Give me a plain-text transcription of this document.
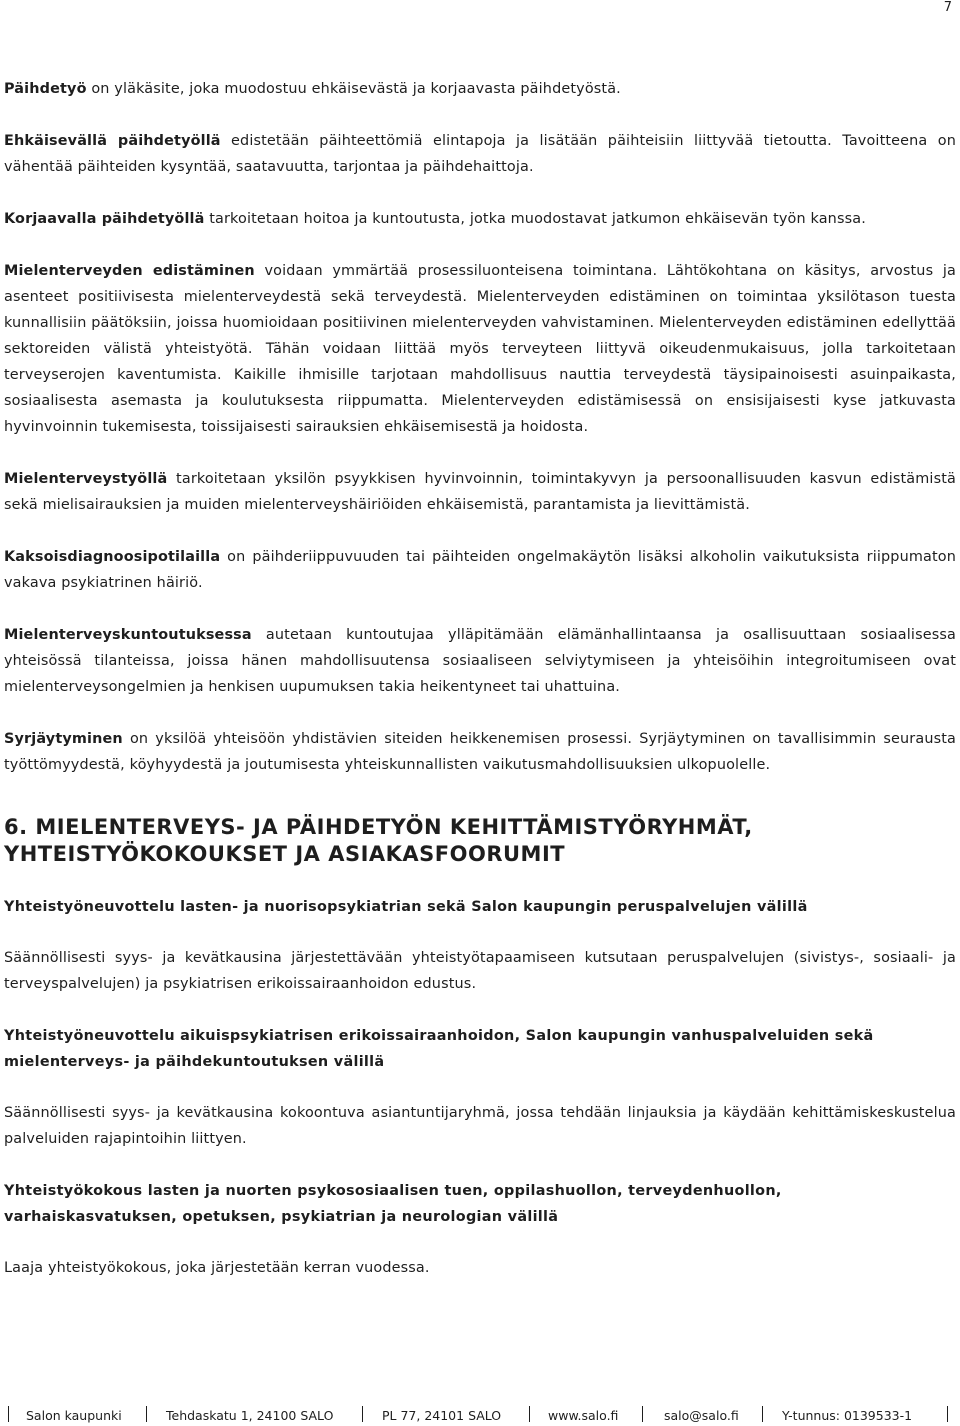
7

Päihdetyö on yläkäsite, joka muodostuu ehkäisevästä ja korjaavasta päihdetyöstä.

Ehkäisevällä päihdetyöllä edistetään päihteettömiä elintapoja ja lisätään päihteisiin liittyvää tietoutta. Tavoitteena on vähentää päihteiden kysyntää, saatavuutta, tarjontaa ja päihdehaittoja.

Korjaavalla päihdetyöllä tarkoitetaan hoitoa ja kuntoutusta, jotka muodostavat jatkumon ehkäisevän työn kanssa.

Mielenterveyden edistäminen voidaan ymmärtää prosessiluonteisena toimintana. Lähtökohtana on käsitys, arvostus ja asenteet positiivisesta mielenterveydestä sekä terveydestä. Mielenterveyden edistäminen on toimintaa yksilötason tuesta kunnallisiin päätöksiin, joissa huomioidaan positiivinen mielenterveyden vahvistaminen. Mielenterveyden edistäminen edellyttää sektoreiden välistä yhteistyötä. Tähän voidaan liittää myös terveyteen liittyvä oikeudenmukaisuus, jolla tarkoitetaan terveyserojen kaventumista. Kaikille ihmisille tarjotaan mahdollisuus nauttia terveydestä täysipainoisesti asuinpaikasta, sosiaalisesta asemasta ja koulutuksesta riippumatta. Mielenterveyden edistämisessä on ensisijaisesti kyse jatkuvasta hyvinvoinnin tukemisesta, toissijaisesti sairauksien ehkäisemisestä ja hoidosta.

Mielenterveystyöllä tarkoitetaan yksilön psyykkisen hyvinvoinnin, toimintakyvyn ja persoonallisuuden kasvun edistämistä sekä mielisairauksien ja muiden mielenterveyshäiriöiden ehkäisemistä, parantamista ja lievittämistä.

Kaksoisdiagnoosipotilailla on päihderiippuvuuden tai päihteiden ongelmakäytön lisäksi alkoholin vaikutuksista riippumaton vakava psykiatrinen häiriö.

Mielenterveyskuntoutuksessa autetaan kuntoutujaa ylläpitämään elämänhallintaansa ja osallisuuttaan sosiaalisessa yhteisössä tilanteissa, joissa hänen mahdollisuutensa sosiaaliseen selviytymiseen ja yhteisöihin integroitumiseen ovat mielenterveysongelmien ja henkisen uupumuksen takia heikentyneet tai uhattuina.

Syrjäytyminen on yksilöä yhteisöön yhdistävien siteiden heikkenemisen prosessi. Syrjäytyminen on tavallisimmin seurausta työttömyydestä, köyhyydestä ja joutumisesta yhteiskunnallisten vaikutusmahdollisuuksien ulkopuolelle.

6. MIELENTERVEYS- JA PÄIHDETYÖN KEHITTÄMISTYÖRYHMÄT,
YHTEISTYÖKOKOUKSET JA ASIAKASFOORUMIT
Yhteistyöneuvottelu lasten- ja nuorisopsykiatrian sekä Salon kaupungin peruspalvelujen välillä

Säännöllisesti syys- ja kevätkausina järjestettävään yhteistyötapaamiseen kutsutaan peruspalvelujen (sivistys-, sosiaali- ja terveyspalvelujen) ja psykiatrisen erikoissairaanhoidon edustus.

Yhteistyöneuvottelu aikuispsykiatrisen erikoissairaanhoidon, Salon kaupungin vanhuspalveluiden sekä mielenterveys- ja päihdekuntoutuksen välillä

Säännöllisesti syys- ja kevätkausina kokoontuva asiantuntijaryhmä, jossa tehdään linjauksia ja käydään kehittämiskeskustelua palveluiden rajapintoihin liittyen.

Yhteistyökokous lasten ja nuorten psykososiaalisen tuen, oppilashuollon, terveydenhuollon, varhaiskasvatuksen, opetuksen, psykiatrian ja neurologian välillä

Laaja yhteistyökokous, joka järjestetään kerran vuodessa.

Salon kaupunki	Tehdaskatu 1, 24100 SALO	PL 77, 24101 SALO	www.salo.fi	salo@salo.fi	Y-tunnus: 0139533-1
